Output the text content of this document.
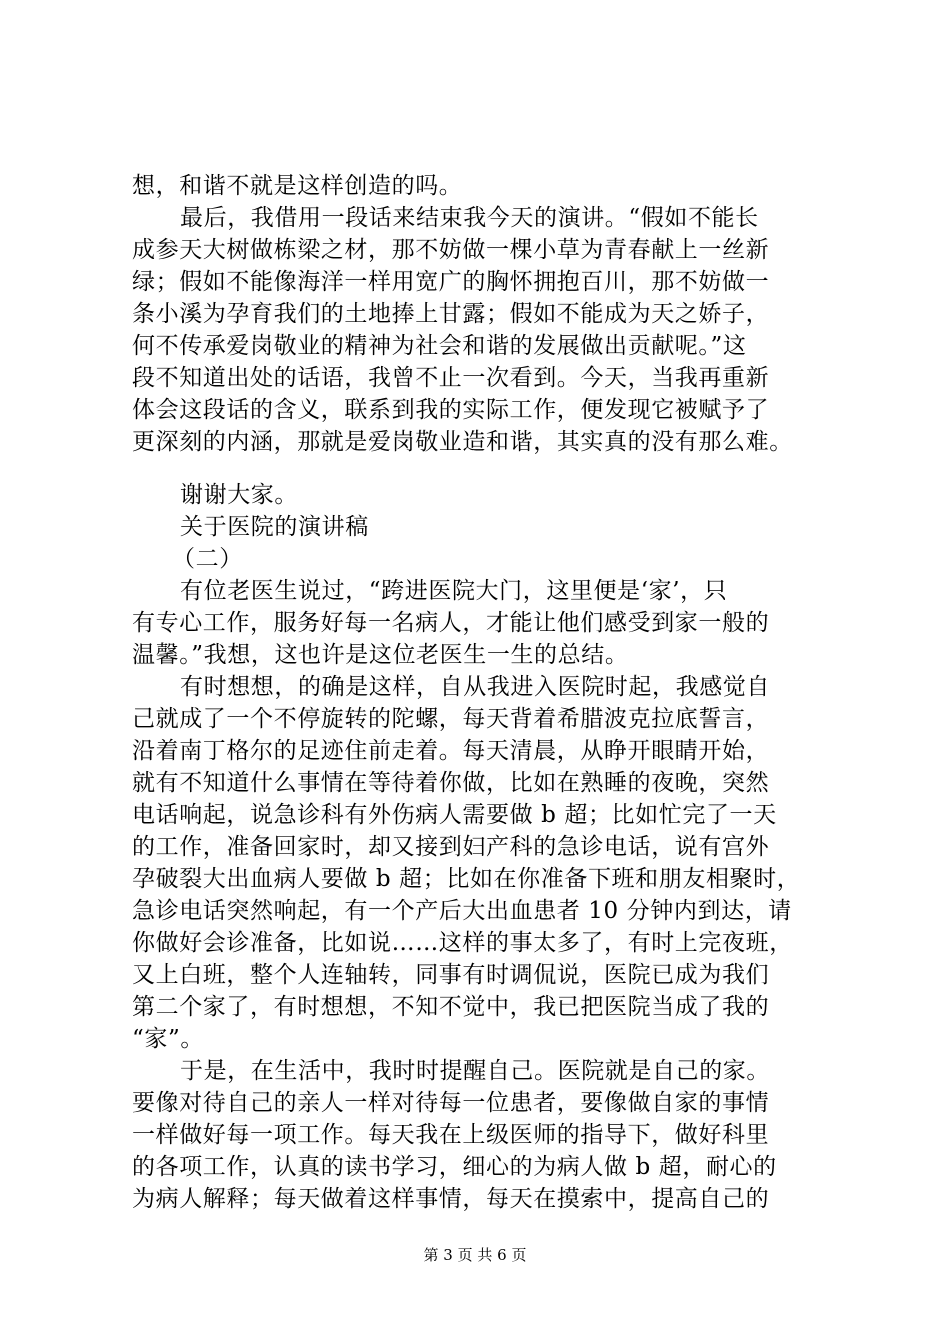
想，和谐不就是这样创造的吗。
最后，我借用一段话来结束我今天的演讲。“假如不能长
成参天大树做栋梁之材，那不妨做一棵小草为青春献上一丝新
绿；假如不能像海洋一样用宽广的胸怀拥抱百川，那不妨做一
条小溪为孕育我们的土地捧上甘露；假如不能成为天之娇子，
何不传承爱岗敬业的精神为社会和谐的发展做出贡献呢。”这
段不知道出处的话语，我曾不止一次看到。今天，当我再重新
体会这段话的含义，联系到我的实际工作，便发现它被赋予了
更深刻的内涵，那就是爱岗敬业造和谐，其实真的没有那么难。
谢谢大家。
关于医院的演讲稿
（二）
有位老医生说过，“跨进医院大门，这里便是‘家’，只
有专心工作，服务好每一名病人，才能让他们感受到家一般的
温馨。”我想，这也许是这位老医生一生的总结。
有时想想，的确是这样，自从我进入医院时起，我感觉自
己就成了一个不停旋转的陀螺，每天背着希腊波克拉底誓言，
沿着南丁格尔的足迹住前走着。每天清晨，从睁开眼睛开始，
就有不知道什么事情在等待着你做，比如在熟睡的夜晚，突然
电话响起，说急诊科有外伤病人需要做 b 超；比如忙完了一天
的工作，准备回家时，却又接到妇产科的急诊电话，说有宫外
孕破裂大出血病人要做 b 超；比如在你准备下班和朋友相聚时，
急诊电话突然响起，有一个产后大出血患者 10 分钟内到达，请
你做好会诊准备，比如说……这样的事太多了，有时上完夜班，
又上白班，整个人连轴转，同事有时调侃说，医院已成为我们
第二个家了，有时想想，不知不觉中，我已把医院当成了我的
“家”。
于是，在生活中，我时时提醒自己。医院就是自己的家。
要像对待自己的亲人一样对待每一位患者，要像做自家的事情
一样做好每一项工作。每天我在上级医师的指导下，做好科里
的各项工作，认真的读书学习，细心的为病人做 b 超，耐心的
为病人解释；每天做着这样事情，每天在摸索中，提高自己的
第 3 页 共 6 页
